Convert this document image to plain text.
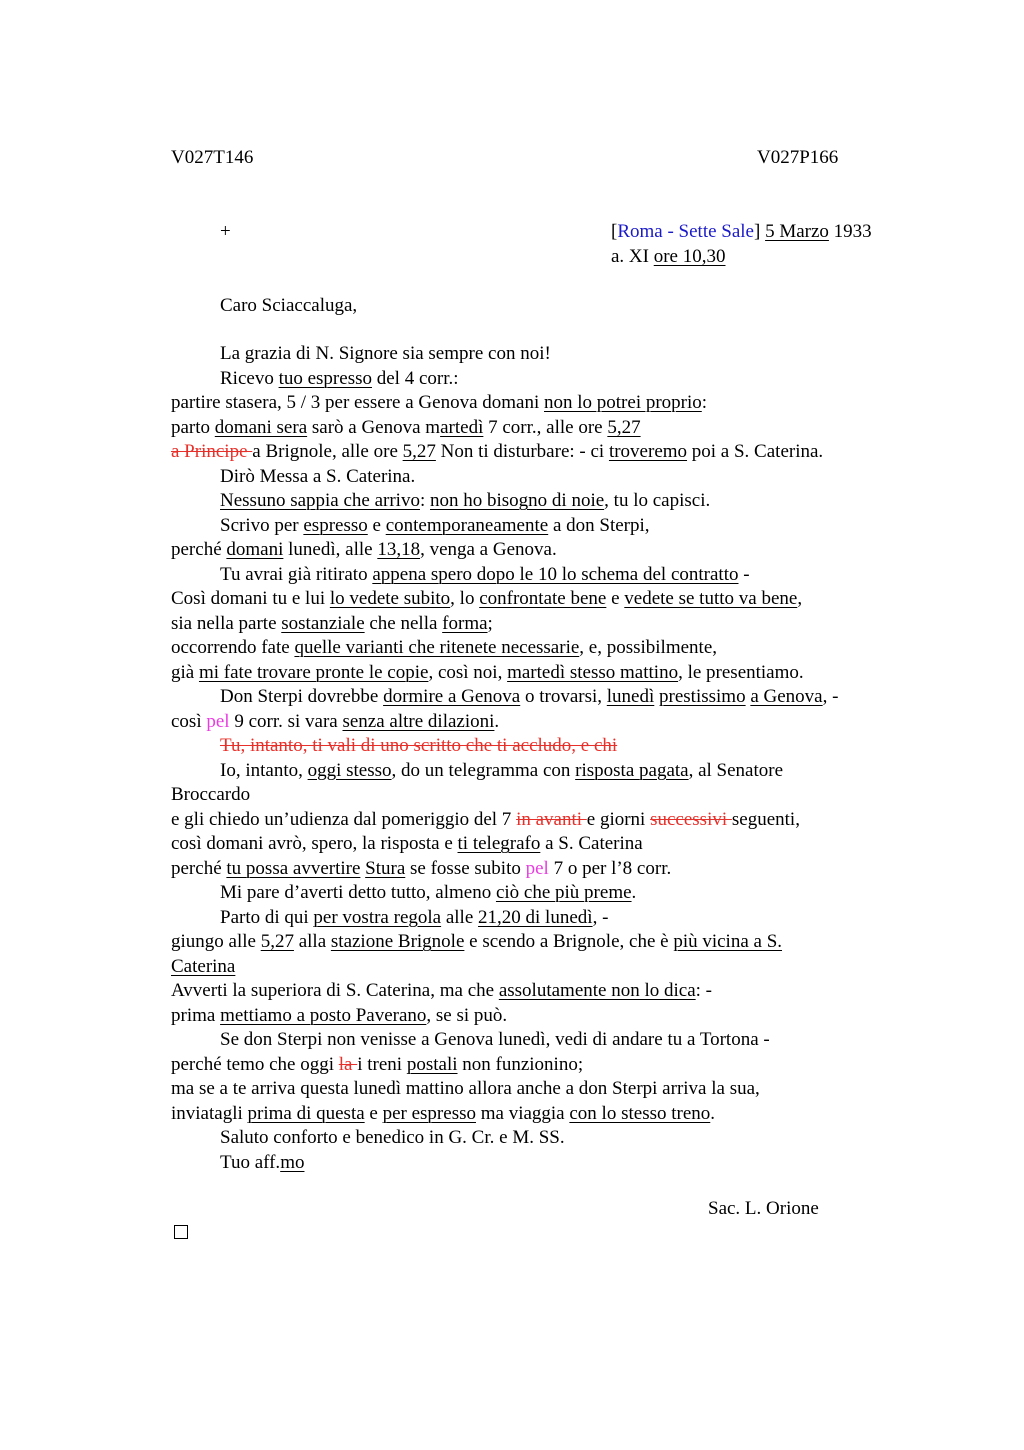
V027T146	V027P166
+	[Roma - Sette Sale] 5 Marzo 1933
a. XI ore 10,30
Caro Sciaccaluga,
La grazia di N. Signore sia sempre con noi!
Ricevo tuo espresso del 4 corr.:
partire stasera, 5 / 3 per essere a Genova domani non lo potrei proprio:
parto domani sera sarò a Genova martedì 7 corr., alle ore 5,27
a Principe a Brignole, alle ore 5,27 Non ti disturbare: - ci troveremo poi a S. Caterina.
Dirò Messa a S. Caterina.
Nessuno sappia che arrivo: non ho bisogno di noie, tu lo capisci.
Scrivo per espresso e contemporaneamente a don Sterpi,
perché domani lunedì, alle 13,18, venga a Genova.
Tu avrai già ritirato appena spero dopo le 10 lo schema del contratto -
Così domani tu e lui lo vedete subito, lo confrontate bene e vedete se tutto va bene,
sia nella parte sostanziale che nella forma;
occorrendo fate quelle varianti che ritenete necessarie, e, possibilmente,
già mi fate trovare pronte le copie, così noi, martedì stesso mattino, le presentiamo.
Don Sterpi dovrebbe dormire a Genova o trovarsi, lunedì prestissimo a Genova, -
così pel 9 corr. si vara senza altre dilazioni.
Tu, intanto, ti vali di uno scritto che ti accludo, e chi
Io, intanto, oggi stesso, do un telegramma con risposta pagata, al Senatore
Broccardo
e gli chiedo un’udienza dal pomeriggio del 7 in avanti e giorni successivi seguenti,
così domani avrò, spero, la risposta e ti telegrafo a S. Caterina
perché tu possa avvertire Stura se fosse subito pel 7 o per l’8 corr.
Mi pare d’averti detto tutto, almeno ciò che più preme.
Parto di qui per vostra regola alle 21,20 di lunedì, -
giungo alle 5,27 alla stazione Brignole e scendo a Brignole, che è più vicina a S.
Caterina
Avverti la superiora di S. Caterina, ma che assolutamente non lo dica: -
prima mettiamo a posto Paverano, se si può.
Se don Sterpi non venisse a Genova lunedì, vedi di andare tu a Tortona -
perché temo che oggi la i treni postali non funzionino;
ma se a te arriva questa lunedì mattino allora anche a don Sterpi arriva la sua,
inviatagli prima di questa e per espresso ma viaggia con lo stesso treno.
Saluto conforto e benedico in G. Cr. e M. SS.
Tuo aff.mo
Sac. L. Orione
